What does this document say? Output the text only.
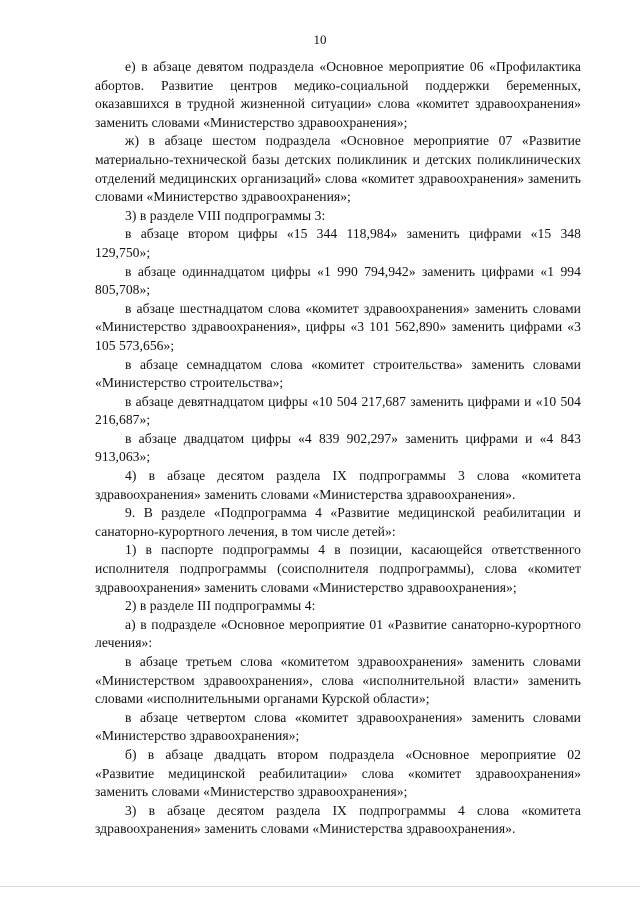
10

е) в абзаце девятом подраздела «Основное мероприятие 06 «Профилактика абортов. Развитие центров медико-социальной поддержки беременных, оказавшихся в трудной жизненной ситуации» слова «комитет здравоохранения» заменить словами «Министерство здравоохранения»;

ж) в абзаце шестом подраздела «Основное мероприятие 07 «Развитие материально-технической базы детских поликлиник и детских поликлинических отделений медицинских организаций» слова «комитет здравоохранения» заменить словами «Министерство здравоохранения»;

3) в разделе VIII подпрограммы 3:

в абзаце втором цифры «15 344 118,984» заменить цифрами «15 348 129,750»;

в абзаце одиннадцатом цифры «1 990 794,942» заменить цифрами «1 994 805,708»;

в абзаце шестнадцатом слова «комитет здравоохранения» заменить словами «Министерство здравоохранения», цифры «3 101 562,890» заменить цифрами «3 105 573,656»;

в абзаце семнадцатом слова «комитет строительства» заменить словами «Министерство строительства»;

в абзаце девятнадцатом цифры «10 504 217,687 заменить цифрами и «10 504 216,687»;

в абзаце двадцатом цифры «4 839 902,297» заменить цифрами и «4 843 913,063»;

4) в абзаце десятом раздела IX подпрограммы 3 слова «комитета здравоохранения» заменить словами «Министерства здравоохранения».

9. В разделе «Подпрограмма 4 «Развитие медицинской реабилитации и санаторно-курортного лечения, в том числе детей»:

1) в паспорте подпрограммы 4 в позиции, касающейся ответственного исполнителя подпрограммы (соисполнителя подпрограммы), слова «комитет здравоохранения» заменить словами «Министерство здравоохранения»;

2) в разделе III подпрограммы 4:

а) в подразделе «Основное мероприятие 01 «Развитие санаторно-курортного лечения»:

в абзаце третьем слова «комитетом здравоохранения» заменить словами «Министерством здравоохранения», слова «исполнительной власти» заменить словами «исполнительными органами Курской области»;

в абзаце четвертом слова «комитет здравоохранения» заменить словами «Министерство здравоохранения»;

б) в абзаце двадцать втором подраздела «Основное мероприятие 02 «Развитие медицинской реабилитации» слова «комитет здравоохранения» заменить словами «Министерство здравоохранения»;

3) в абзаце десятом раздела IX подпрограммы 4 слова «комитета здравоохранения» заменить словами «Министерства здравоохранения».
